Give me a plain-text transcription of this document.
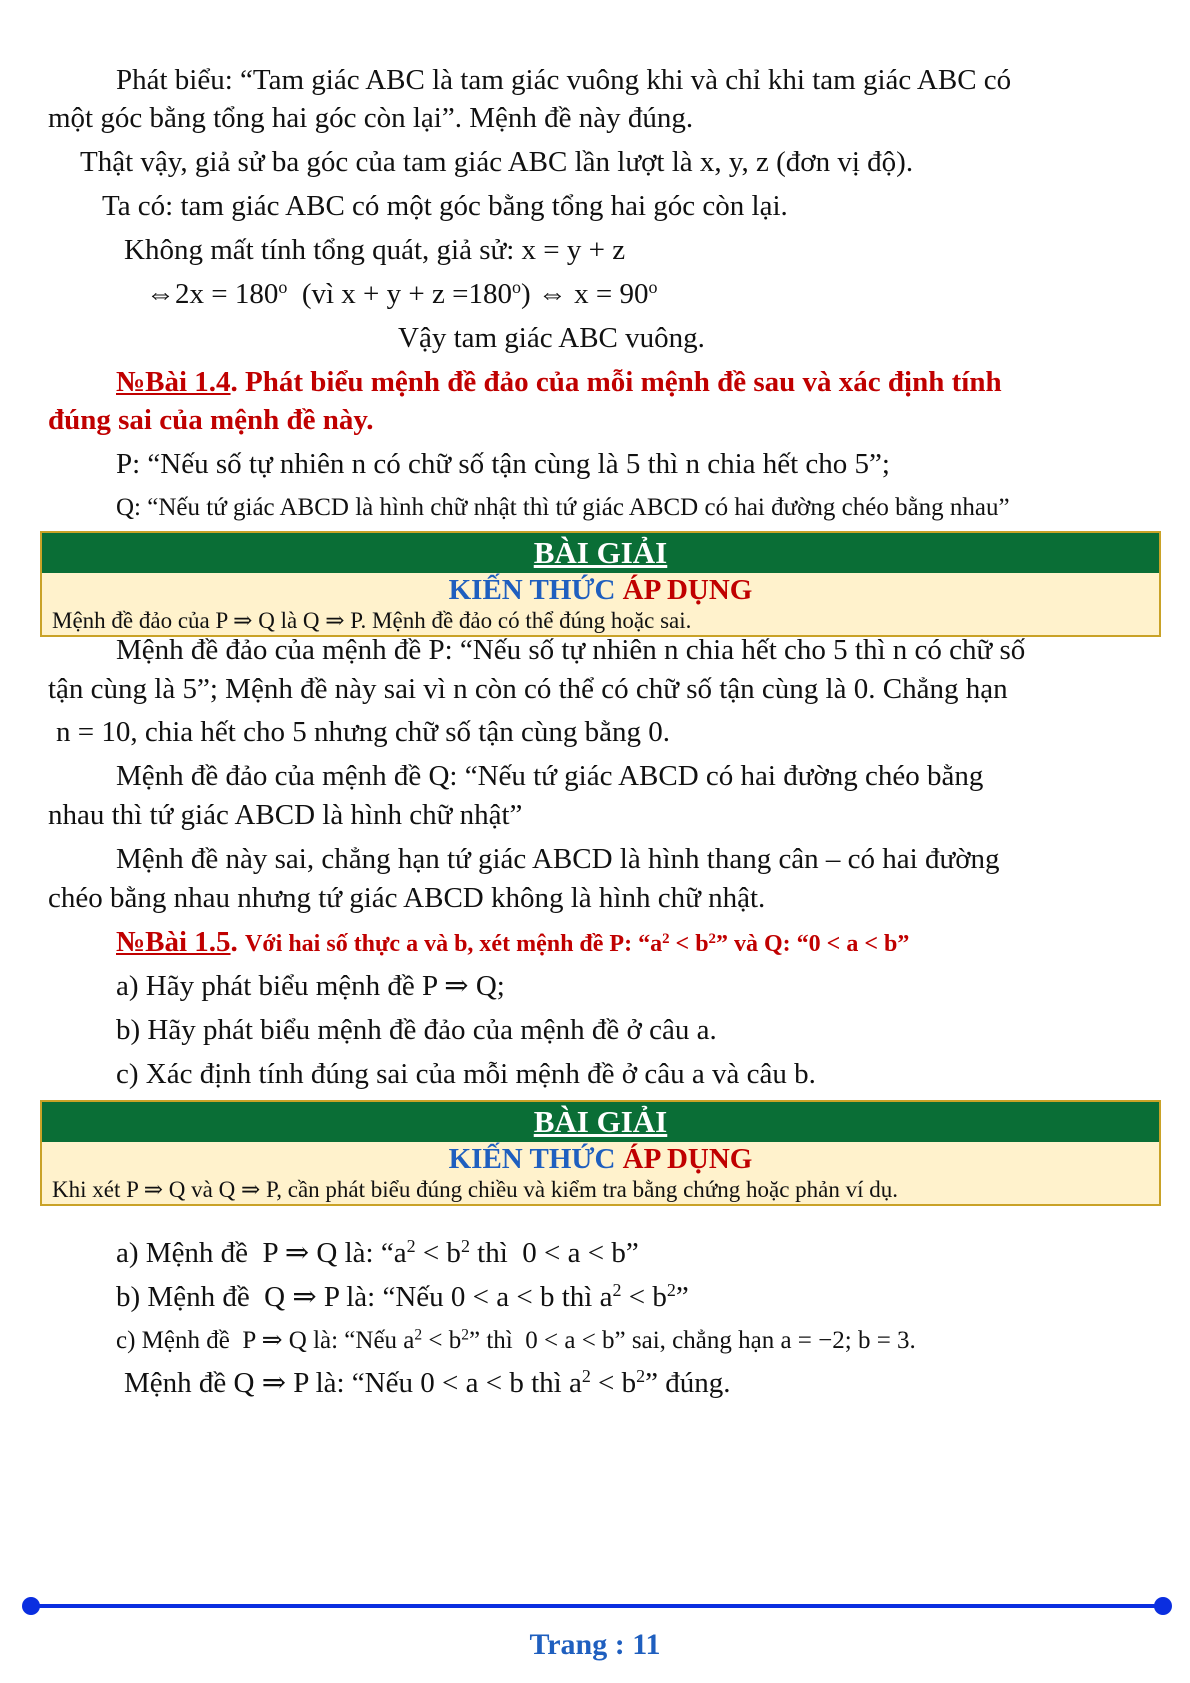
Phát biểu: “Tam giác ABC là tam giác vuông khi và chỉ khi tam giác ABC có
một góc bằng tổng hai góc còn lại”. Mệnh đề này đúng.
Thật vậy, giả sử ba góc của tam giác ABC lần lượt là x, y, z (đơn vị độ).
Ta có: tam giác ABC có một góc bằng tổng hai góc còn lại.
Không mất tính tổng quát, giả sử: x = y + z
⇔2x = $180^o$  (vì $x + y + z =180^o$) ⇔ $x = 90^o$
Vậy tam giác ABC vuông.
№Bài 1.4. Phát biểu mệnh đề đảo của mỗi mệnh đề sau và xác định tính
đúng sai của mệnh đề này.
P: “Nếu số tự nhiên n có chữ số tận cùng là 5 thì n chia hết cho 5”;
Q: “Nếu tứ giác ABCD là hình chữ nhật thì tứ giác ABCD có hai đường chéo bằng nhau”
BÀI GIẢI
KIẾN THỨC ÁP DỤNG
Mệnh đề đảo của P ⇒ Q là Q ⇒ P. Mệnh đề đảo có thể đúng hoặc sai.
Mệnh đề đảo của mệnh đề P: “Nếu số tự nhiên n chia hết cho 5 thì n có chữ số
tận cùng là 5”; Mệnh đề này sai vì n còn có thể có chữ số tận cùng là 0. Chẳng hạn
n = 10, chia hết cho 5 nhưng chữ số tận cùng bằng 0.
Mệnh đề đảo của mệnh đề Q: “Nếu tứ giác ABCD có hai đường chéo bằng
nhau thì tứ giác ABCD là hình chữ nhật”
Mệnh đề này sai, chẳng hạn tứ giác ABCD là hình thang cân – có hai đường
chéo bằng nhau nhưng tứ giác ABCD không là hình chữ nhật.
№Bài 1.5. Với hai số thực a và b, xét mệnh đề P: “$a^2 < b^2$” và Q: “0 < a < b”
a) Hãy phát biểu mệnh đề P ⇒ Q;
b) Hãy phát biểu mệnh đề đảo của mệnh đề ở câu a.
c) Xác định tính đúng sai của mỗi mệnh đề ở câu a và câu b.
BÀI GIẢI
KIẾN THỨC ÁP DỤNG
Khi xét P ⇒ Q và Q ⇒ P, cần phát biểu đúng chiều và kiểm tra bằng chứng hoặc phản ví dụ.
a) Mệnh đề  P ⇒ Q là: “$a^2 < b^2$ thì  0 < a < b”
b) Mệnh đề  Q ⇒ P là: “Nếu 0 < a < b thì $a^2 < b^2$”
c) Mệnh đề  P ⇒ Q là: “Nếu $a^2 < b^2$” thì  0 < a < b” sai, chẳng hạn a = −2; b = 3.
Mệnh đề Q ⇒ P là: “Nếu 0 < a < b thì $a^2 < b^2$” đúng.
Trang : 11
